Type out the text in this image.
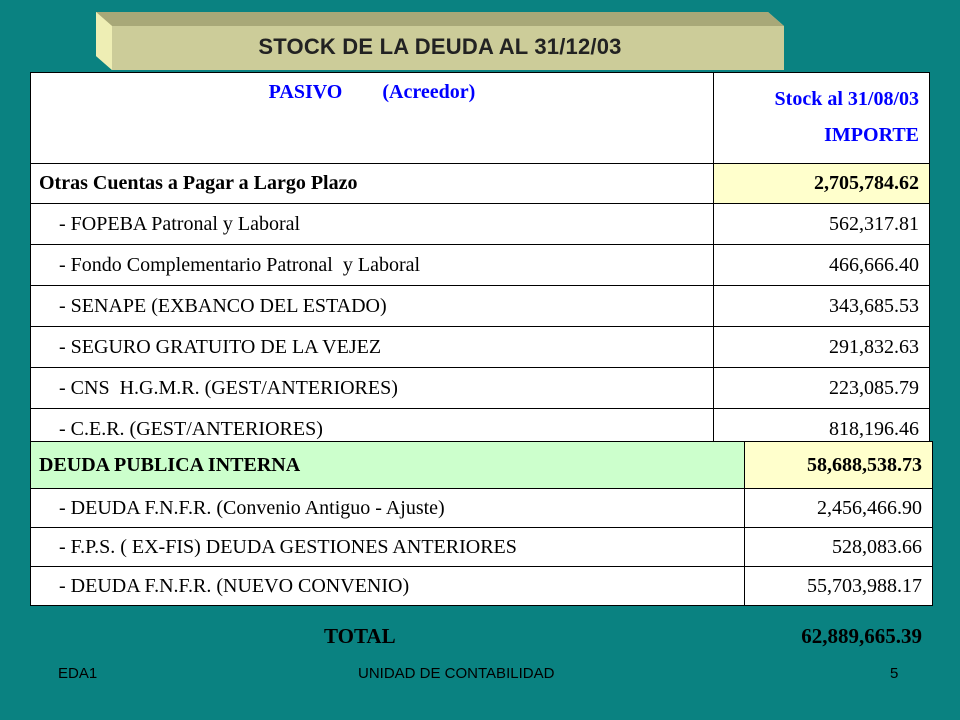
STOCK DE LA DEUDA AL 31/12/03
PASIVO        (Acreedor)	Stock al 31/08/03
IMPORTE

Otras Cuentas a Pagar a Largo Plazo	2,705,784.62
- FOPEBA Patronal y Laboral	562,317.81
- Fondo Complementario Patronal  y Laboral	466,666.40
- SENAPE (EXBANCO DEL ESTADO)	343,685.53
- SEGURO GRATUITO DE LA VEJEZ	291,832.63
- CNS  H.G.M.R. (GEST/ANTERIORES)	223,085.79
- C.E.R. (GEST/ANTERIORES)	818,196.46
DEUDA PUBLICA INTERNA	58,688,538.73
- DEUDA F.N.F.R. (Convenio Antiguo - Ajuste)	2,456,466.90
- F.P.S. ( EX-FIS) DEUDA GESTIONES ANTERIORES	528,083.66
- DEUDA F.N.F.R. (NUEVO CONVENIO)	55,703,988.17
TOTAL	62,889,665.39
EDA1	UNIDAD DE CONTABILIDAD	5
